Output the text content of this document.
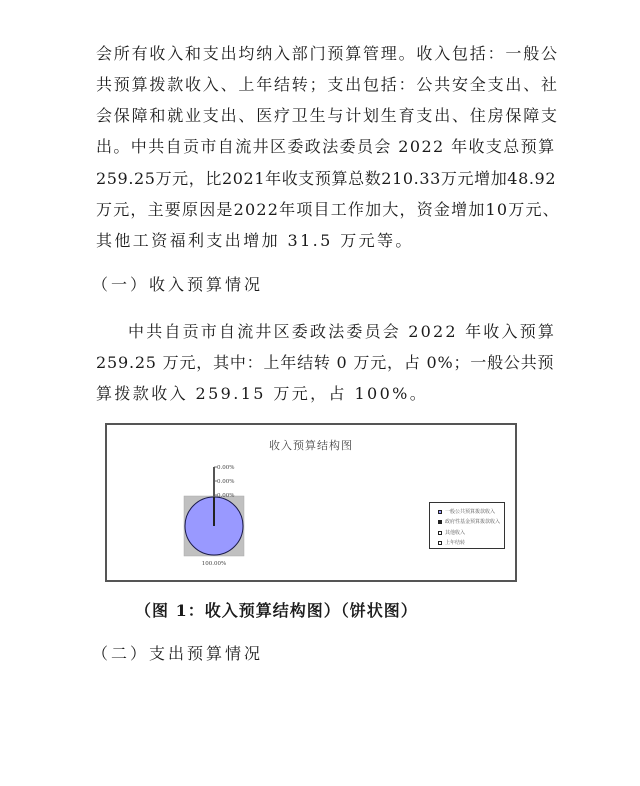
会所有收入和支出均纳入部门预算管理。收入包括：一般公
共预算拨款收入、上年结转；支出包括：公共安全支出、社
会保障和就业支出、医疗卫生与计划生育支出、住房保障支
出。中共自贡市自流井区委政法委员会 2022 年收支总预算
259.25万元，比2021年收支预算总数210.33万元增加48.92
万元，主要原因是2022年项目工作加大，资金增加10万元、
其他工资福利支出增加 31.5 万元等。
（一）收入预算情况
中共自贡市自流井区委政法委员会 2022 年收入预算
259.25 万元，其中：上年结转 0 万元，占 0%；一般公共预
算拨款收入 259.15 万元，占 100%。
收入预算结构图
100.00%
0.00%
0.00%
0.00%
一般公共预算拨款收入
政府性基金预算拨款收入
其他收入
上年结转
（图 1：收入预算结构图）（饼状图）
（二）支出预算情况
